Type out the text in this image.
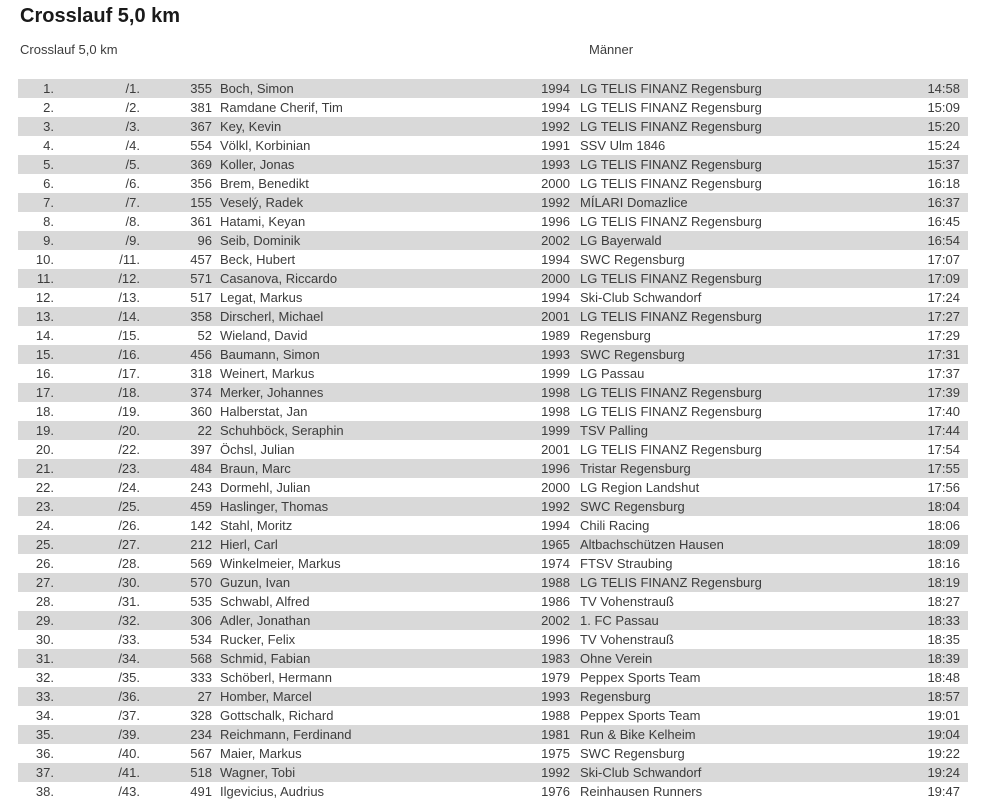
Crosslauf 5,0 km
Crosslauf 5,0 km	Männer
1.	/1.	355 Boch, Simon	1994 LG TELIS FINANZ Regensburg	14:58
2.	/2.	381 Ramdane Cherif, Tim	1994 LG TELIS FINANZ Regensburg	15:09
3.	/3.	367 Key, Kevin	1992 LG TELIS FINANZ Regensburg	15:20
4.	/4.	554 Völkl, Korbinian	1991 SSV Ulm 1846	15:24
5.	/5.	369 Koller, Jonas	1993 LG TELIS FINANZ Regensburg	15:37
6.	/6.	356 Brem, Benedikt	2000 LG TELIS FINANZ Regensburg	16:18
7.	/7.	155 Veselý, Radek	1992 MÍLARI Domazlice	16:37
8.	/8.	361 Hatami, Keyan	1996 LG TELIS FINANZ Regensburg	16:45
9.	/9.	96 Seib, Dominik	2002 LG Bayerwald	16:54
10.	/11.	457 Beck, Hubert	1994 SWC Regensburg	17:07
11.	/12.	571 Casanova, Riccardo	2000 LG TELIS FINANZ Regensburg	17:09
12.	/13.	517 Legat, Markus	1994 Ski-Club Schwandorf	17:24
13.	/14.	358 Dirscherl, Michael	2001 LG TELIS FINANZ Regensburg	17:27
14.	/15.	52 Wieland, David	1989 Regensburg	17:29
15.	/16.	456 Baumann, Simon	1993 SWC Regensburg	17:31
16.	/17.	318 Weinert, Markus	1999 LG Passau	17:37
17.	/18.	374 Merker, Johannes	1998 LG TELIS FINANZ Regensburg	17:39
18.	/19.	360 Halberstat, Jan	1998 LG TELIS FINANZ Regensburg	17:40
19.	/20.	22 Schuhböck, Seraphin	1999 TSV Palling	17:44
20.	/22.	397 Öchsl, Julian	2001 LG TELIS FINANZ Regensburg	17:54
21.	/23.	484 Braun, Marc	1996 Tristar Regensburg	17:55
22.	/24.	243 Dormehl, Julian	2000 LG Region Landshut	17:56
23.	/25.	459 Haslinger, Thomas	1992 SWC Regensburg	18:04
24.	/26.	142 Stahl, Moritz	1994 Chili Racing	18:06
25.	/27.	212 Hierl, Carl	1965 Altbachschützen Hausen	18:09
26.	/28.	569 Winkelmeier, Markus	1974 FTSV Straubing	18:16
27.	/30.	570 Guzun, Ivan	1988 LG TELIS FINANZ Regensburg	18:19
28.	/31.	535 Schwabl, Alfred	1986 TV Vohenstrauß	18:27
29.	/32.	306 Adler, Jonathan	2002 1. FC Passau	18:33
30.	/33.	534 Rucker, Felix	1996 TV Vohenstrauß	18:35
31.	/34.	568 Schmid, Fabian	1983 Ohne Verein	18:39
32.	/35.	333 Schöberl, Hermann	1979 Peppex Sports Team	18:48
33.	/36.	27 Homber, Marcel	1993 Regensburg	18:57
34.	/37.	328 Gottschalk, Richard	1988 Peppex Sports Team	19:01
35.	/39.	234 Reichmann, Ferdinand	1981 Run & Bike Kelheim	19:04
36.	/40.	567 Maier, Markus	1975 SWC Regensburg	19:22
37.	/41.	518 Wagner, Tobi	1992 Ski-Club Schwandorf	19:24
38.	/43.	491 Ilgevicius, Audrius	1976 Reinhausen Runners	19:47
